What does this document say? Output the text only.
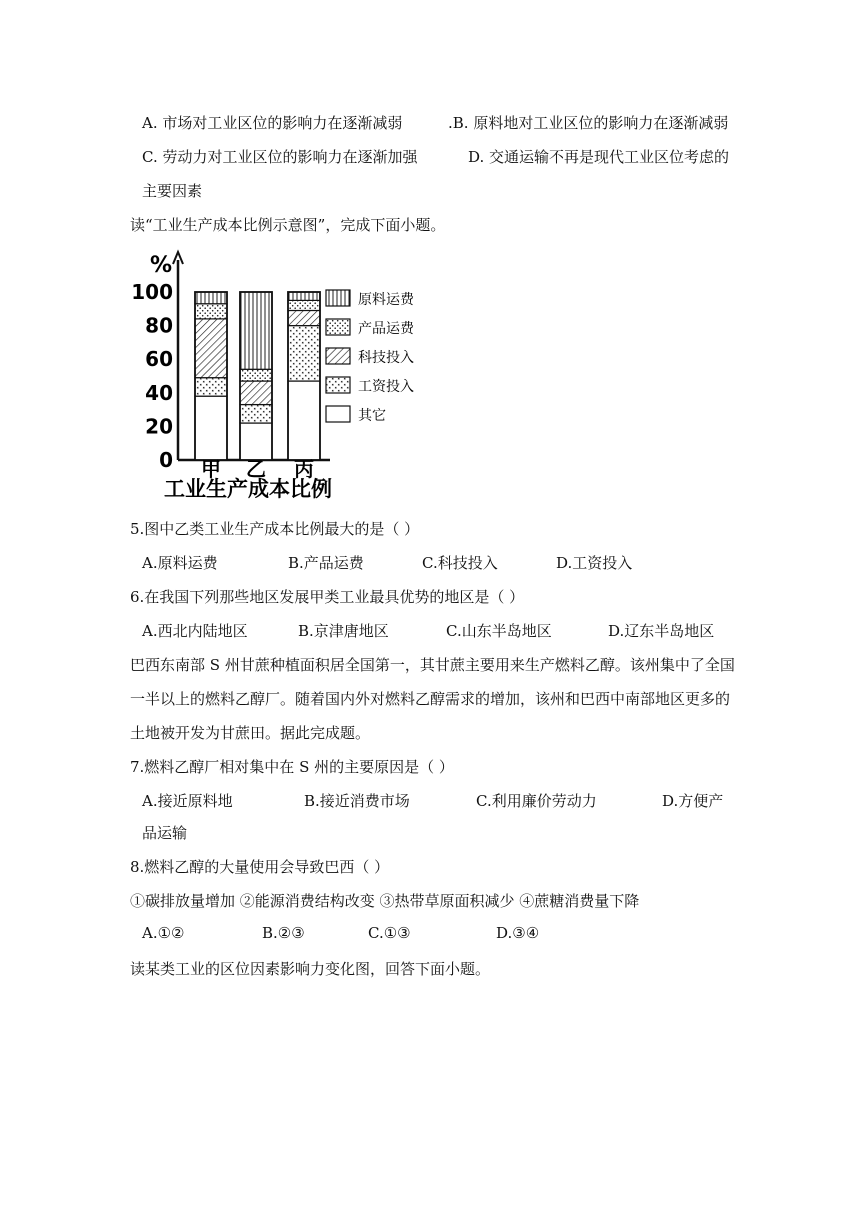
A. 市场对工业区位的影响力在逐渐减弱	.B. 原料地对工业区位的影响力在逐渐减弱
C. 劳动力对工业区位的影响力在逐渐加强	D. 交通运输不再是现代工业区位考虑的
主要因素
读“工业生产成本比例示意图”，完成下面小题。
%
0
20
40
60
80
100
甲 乙 丙
原料运费
产品运费
科技投入
工资投入
其它
工业生产成本比例
5.图中乙类工业生产成本比例最大的是（ ）
A.原料运费	B.产品运费	C.科技投入	D.工资投入
6.在我国下列那些地区发展甲类工业最具优势的地区是（ ）
A.西北内陆地区	B.京津唐地区	C.山东半岛地区	D.辽东半岛地区
巴西东南部 S 州甘蔗种植面积居全国第一，其甘蔗主要用来生产燃料乙醇。该州集中了全国
一半以上的燃料乙醇厂。随着国内外对燃料乙醇需求的增加，该州和巴西中南部地区更多的
土地被开发为甘蔗田。据此完成题。
7.燃料乙醇厂相对集中在 S 州的主要原因是（ ）
A.接近原料地	B.接近消费市场	C.利用廉价劳动力	D.方便产
品运输
8.燃料乙醇的大量使用会导致巴西（ ）
①碳排放量增加 ②能源消费结构改变 ③热带草原面积减少 ④蔗糖消费量下降
A.①②	B.②③	C.①③	D.③④
读某类工业的区位因素影响力变化图，回答下面小题。
